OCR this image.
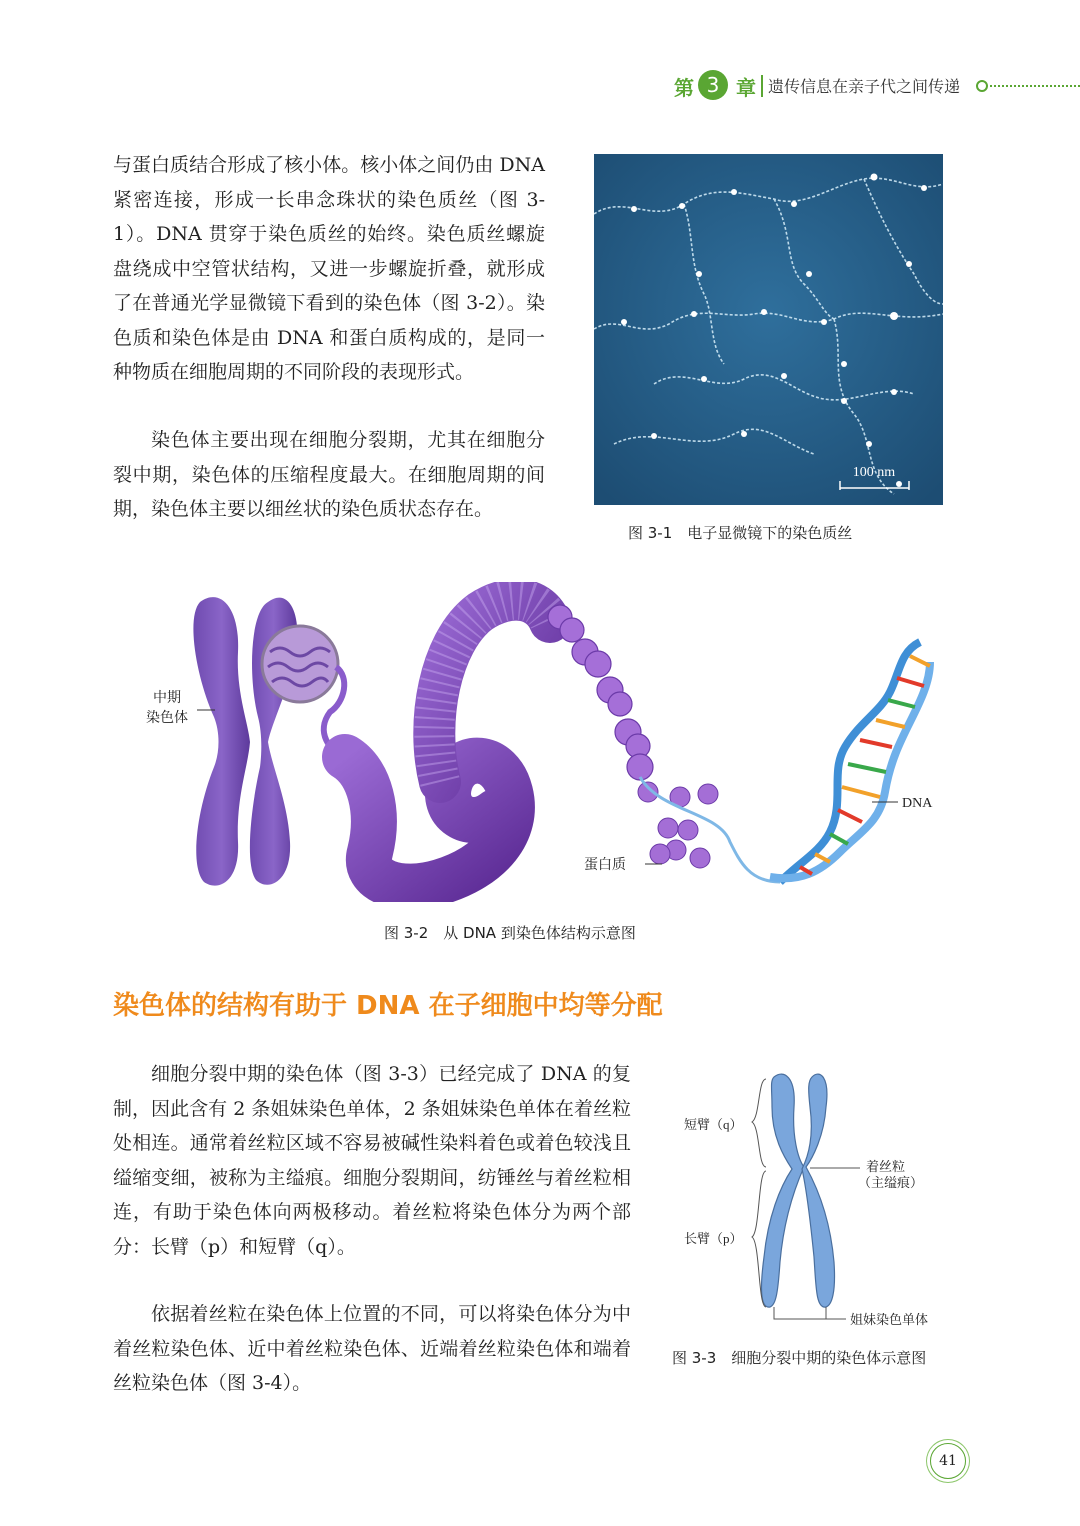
第 3 章 遗传信息在亲子代之间传递

与蛋白质结合形成了核小体。核小体之间仍由 DNA 紧密连接，形成一长串念珠状的染色质丝（图 3-1）。DNA 贯穿于染色质丝的始终。染色质丝螺旋盘绕成中空管状结构，又进一步螺旋折叠，就形成了在普通光学显微镜下看到的染色体（图 3-2）。染色质和染色体是由 DNA 和蛋白质构成的，是同一种物质在细胞周期的不同阶段的表现形式。

染色体主要出现在细胞分裂期，尤其在细胞分裂中期，染色体的压缩程度最大。在细胞周期的间期，染色体主要以细丝状的染色质状态存在。

100 nm
图 3-1　电子显微镜下的染色质丝
中期染色体
DNA
蛋白质
图 3-2　从 DNA 到染色体结构示意图
染色体的结构有助于 DNA 在子细胞中均等分配

细胞分裂中期的染色体（图 3-3）已经完成了 DNA 的复制，因此含有 2 条姐妹染色单体，2 条姐妹染色单体在着丝粒处相连。通常着丝粒区域不容易被碱性染料着色或着色较浅且缢缩变细，被称为主缢痕。细胞分裂期间，纺锤丝与着丝粒相连，有助于染色体向两极移动。着丝粒将染色体分为两个部分：长臂（p）和短臂（q）。

依据着丝粒在染色体上位置的不同，可以将染色体分为中着丝粒染色体、近中着丝粒染色体、近端着丝粒染色体和端着丝粒染色体（图 3-4）。

短臂（q）
长臂（p）
着丝粒
（主缢痕）
姐妹染色单体
图 3-3　细胞分裂中期的染色体示意图
41
